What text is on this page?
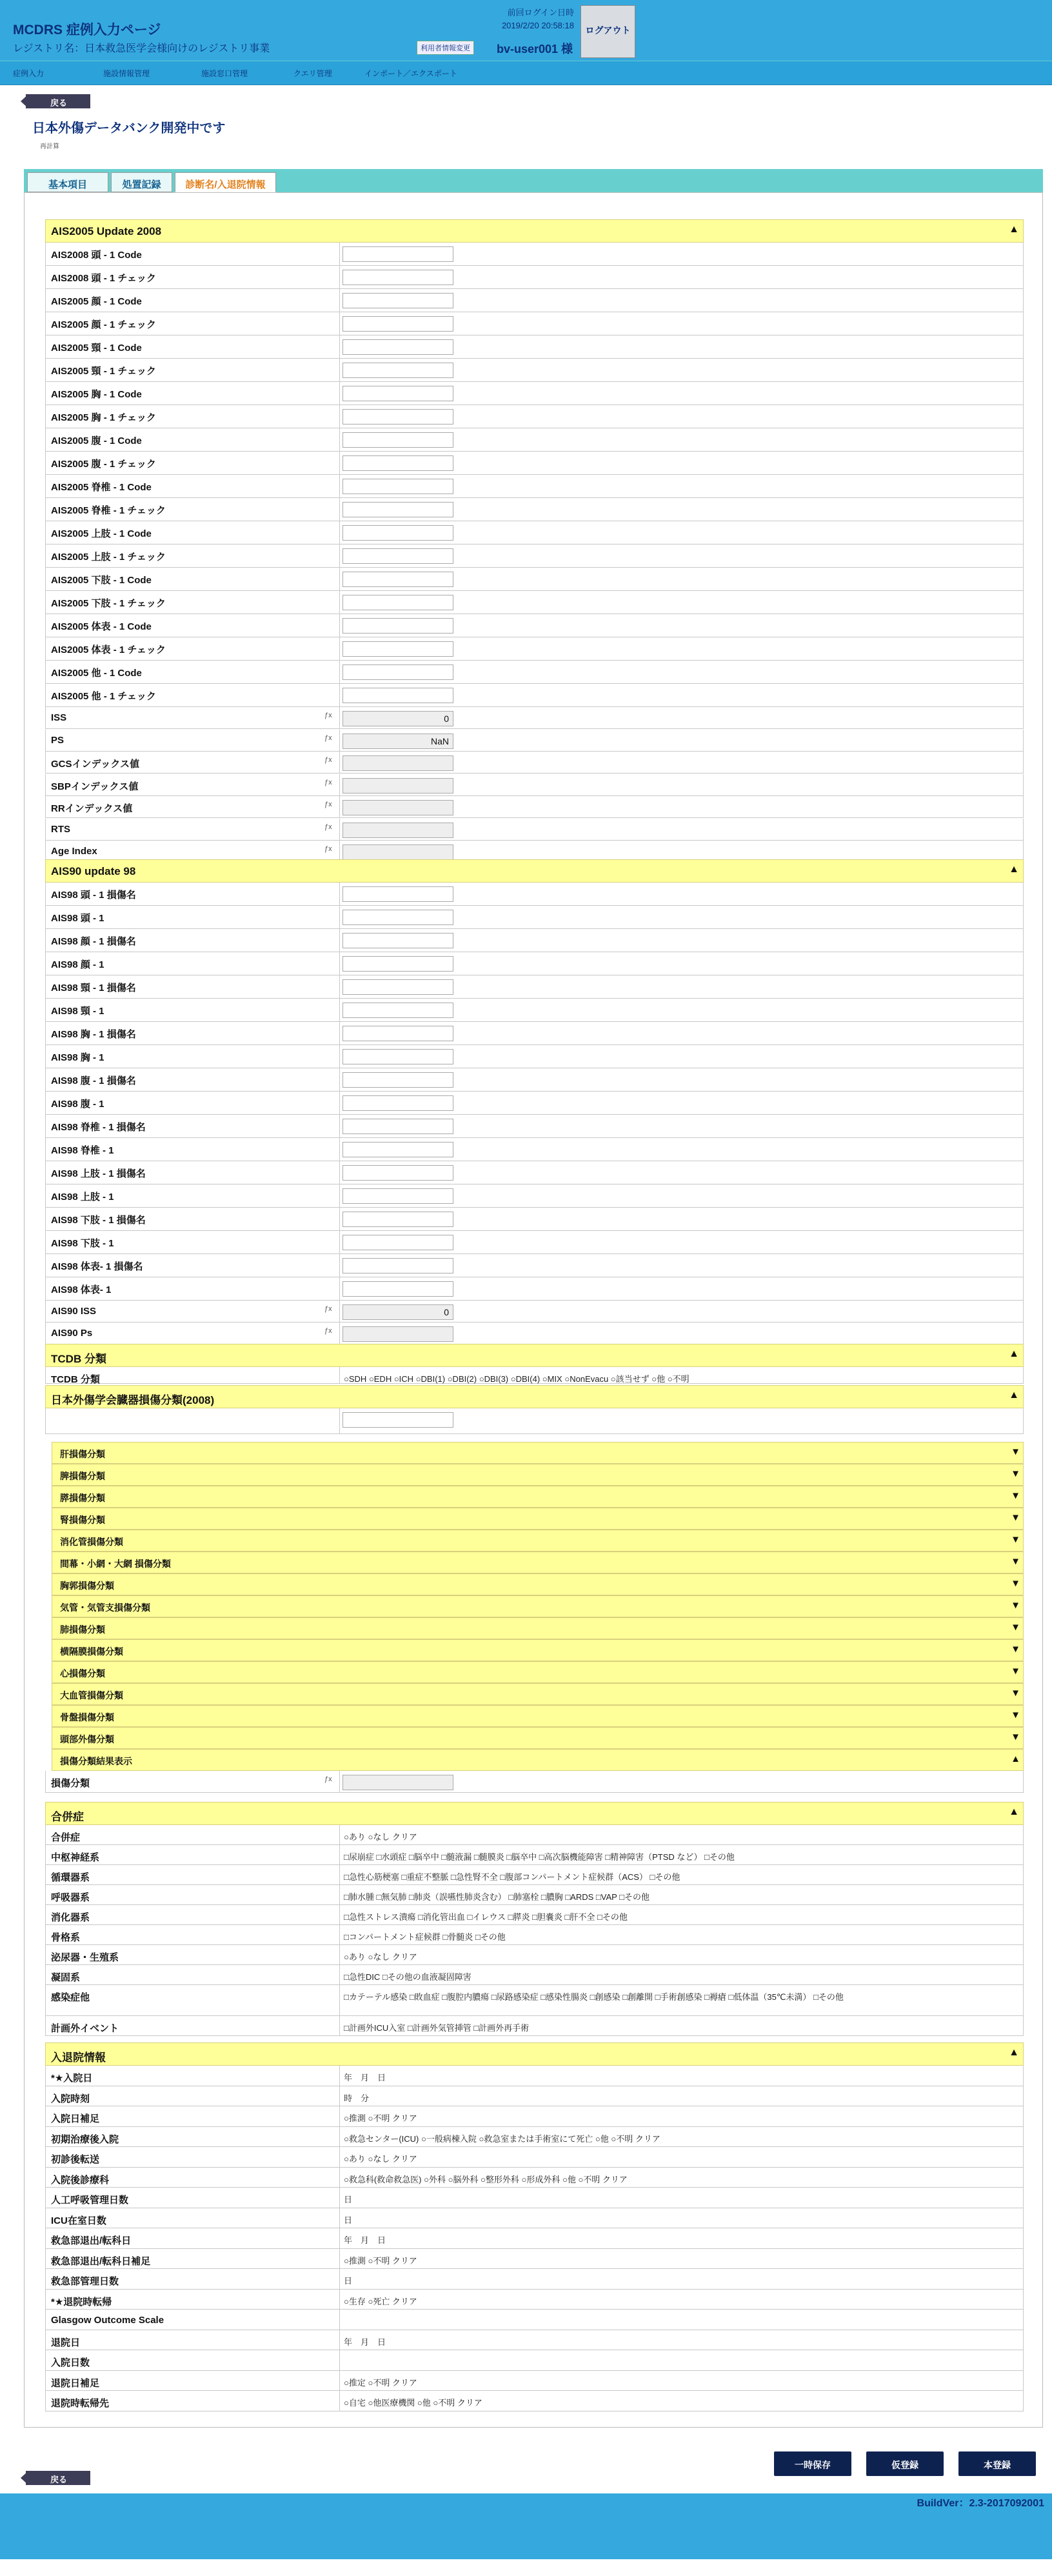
MCDRS 症例入力ページ
レジストリ名：日本救急医学会様向けのレジストリ事業
前回ログイン日時
2019/2/20 20:58:18
利用者情報変更	bv-user001 様
ログアウト
症例入力	施設情報管理	施設窓口管理	クエリ管理	インポート／エクスポート
戻る
日本外傷データバンク開発中です
再計算
基本項目	処置記録	診断名/入退院情報
AIS2005 Update 2008	▲
AIS2008 頭 - 1 Code
AIS2008 頭 - 1 チェック
AIS2005 顔 - 1 Code
AIS2005 顔 - 1 チェック
AIS2005 頸 - 1 Code
AIS2005 頸 - 1 チェック
AIS2005 胸 - 1 Code
AIS2005 胸 - 1 チェック
AIS2005 腹 - 1 Code
AIS2005 腹 - 1 チェック
AIS2005 脊椎 - 1 Code
AIS2005 脊椎 - 1 チェック
AIS2005 上肢 - 1 Code
AIS2005 上肢 - 1 チェック
AIS2005 下肢 - 1 Code
AIS2005 下肢 - 1 チェック
AIS2005 体表 - 1 Code
AIS2005 体表 - 1 チェック
AIS2005 他 - 1 Code
AIS2005 他 - 1 チェック
ISS	ƒx	0
PS	ƒx	NaN
GCSインデックス値	ƒx
SBPインデックス値	ƒx
RRインデックス値	ƒx
RTS	ƒx
Age Index	ƒx
AIS90 update 98	▲
AIS98 頭 - 1 損傷名
AIS98 頭 - 1
AIS98 顔 - 1 損傷名
AIS98 顔 - 1
AIS98 頸 - 1 損傷名
AIS98 頸 - 1
AIS98 胸 - 1 損傷名
AIS98 胸 - 1
AIS98 腹 - 1 損傷名
AIS98 腹 - 1
AIS98 脊椎 - 1 損傷名
AIS98 脊椎 - 1
AIS98 上肢 - 1 損傷名
AIS98 上肢 - 1
AIS98 下肢 - 1 損傷名
AIS98 下肢 - 1
AIS98 体表- 1 損傷名
AIS98 体表- 1
AIS90 ISS	ƒx	0
AIS90 Ps	ƒx
TCDB 分類	▲
TCDB 分類	○SDH ○EDH ○ICH ○DBI(1) ○DBI(2) ○DBI(3) ○DBI(4) ○MIX ○NonEvacu ○該当せず ○他 ○不明
日本外傷学会臓器損傷分類(2008)	▲
肝損傷分類	▼
脾損傷分類	▼
膵損傷分類	▼
腎損傷分類	▼
消化管損傷分類	▼
間幕・小網・大網 損傷分類	▼
胸郭損傷分類	▼
気管・気管支損傷分類	▼
肺損傷分類	▼
横隔膜損傷分類	▼
心損傷分類	▼
大血管損傷分類	▼
骨盤損傷分類	▼
頭部外傷分類	▼
損傷分類結果表示	▲
損傷分類	ƒx
合併症	▲
合併症	○あり ○なし クリア
中枢神経系	□尿崩症 □水頭症 □脳卒中 □髄液漏 □髄膜炎 □脳卒中 □高次脳機能障害 □精神障害（PTSD など） □その他
循環器系	□急性心筋梗塞 □重症不整脈 □急性腎不全 □腹部コンパートメント症候群（ACS） □その他
呼吸器系	□肺水腫 □無気肺 □肺炎（誤嚥性肺炎含む） □肺塞栓 □膿胸 □ARDS □VAP □その他
消化器系	□急性ストレス潰瘍 □消化管出血 □イレウス □膵炎 □胆嚢炎 □肝不全 □その他
骨格系	□コンパートメント症候群 □骨髄炎 □その他
泌尿器・生殖系	○あり ○なし クリア
凝固系	□急性DIC □その他の血液凝固障害
感染症他	□カテーテル感染 □敗血症 □腹腔内膿瘍 □尿路感染症 □感染性腸炎 □創感染 □創離開 □手術創感染 □褥瘡 □低体温（35℃未満） □その他
計画外イベント	□計画外ICU入室 □計画外気管挿管 □計画外再手術
入退院情報	▲
*★入院日	年　月　日
入院時刻	時　分
入院日補足	○推測 ○不明 クリア
初期治療後入院	○救急センター(ICU) ○一般病棟入院 ○救急室または手術室にて死亡 ○他 ○不明 クリア
初診後転送	○あり ○なし クリア
入院後診療科	○救急科(救命救急医) ○外科 ○脳外科 ○整形外科 ○形成外科 ○他 ○不明 クリア
人工呼吸管理日数	日
ICU在室日数	日
救急部退出/転科日	年　月　日
救急部退出/転科日補足	○推測 ○不明 クリア
救急部管理日数	日
*★退院時転帰	○生存 ○死亡 クリア
Glasgow Outcome Scale
退院日	年　月　日
入院日数
退院日補足	○推定 ○不明 クリア
退院時転帰先	○自宅 ○他医療機関 ○他 ○不明 クリア
戻る
一時保存	仮登録	本登録
BuildVer：2.3-2017092001
